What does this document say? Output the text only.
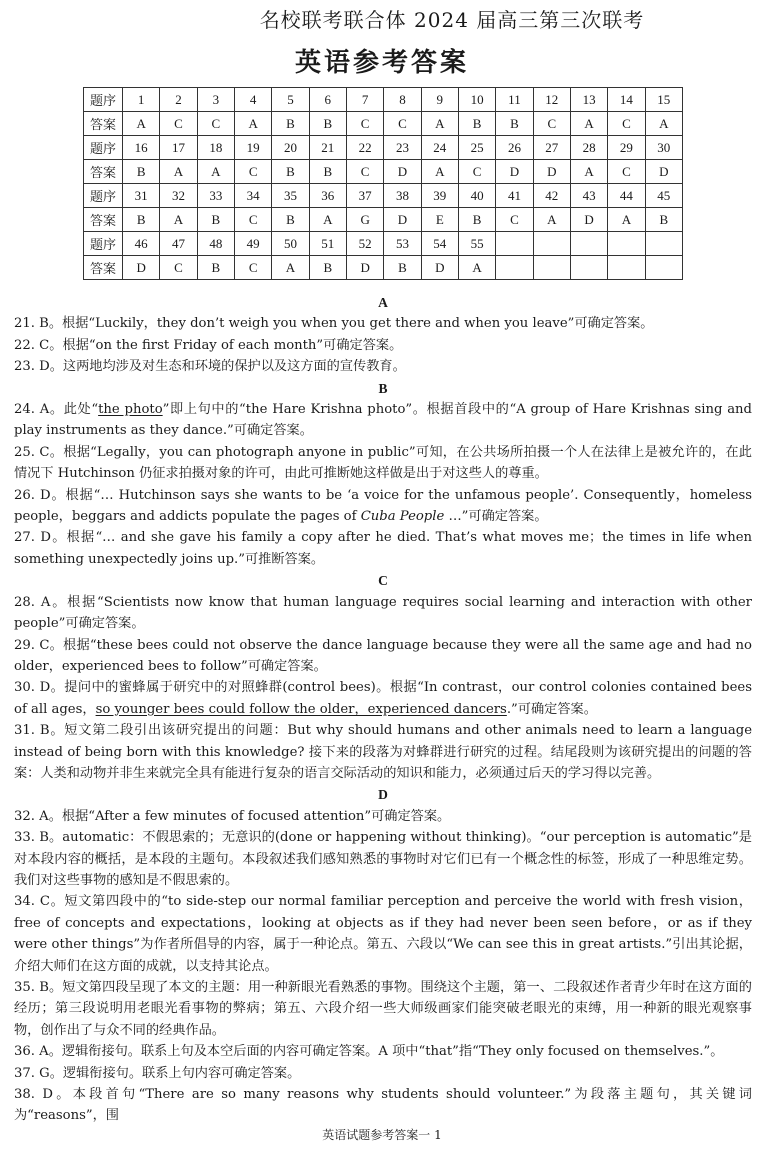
名校联考联合体 2024 届高三第三次联考
英语参考答案
题序	1	2	3	4	5	6	7	8	9	10	11	12	13	14	15
答案	A	C	C	A	B	B	C	C	A	B	B	C	A	C	A
题序	16	17	18	19	20	21	22	23	24	25	26	27	28	29	30
答案	B	A	A	C	B	B	C	D	A	C	D	D	A	C	D
题序	31	32	33	34	35	36	37	38	39	40	41	42	43	44	45
答案	B	A	B	C	B	A	G	D	E	B	C	A	D	A	B
题序	46	47	48	49	50	51	52	53	54	55					
答案	D	C	B	C	A	B	D	B	D	A					
A
21. B。根据“Luckily，they don’t weigh you when you get there and when you leave”可确定答案。
22. C。根据“on the first Friday of each month”可确定答案。
23. D。这两地均涉及对生态和环境的保护以及这方面的宣传教育。
B
24. A。此处“the photo”即上句中的“the Hare Krishna photo”。根据首段中的“A group of Hare Krishnas sing and play instruments as they dance.”可确定答案。
25. C。根据“Legally，you can photograph anyone in public”可知，在公共场所拍摄一个人在法律上是被允许的，在此情况下 Hutchinson 仍征求拍摄对象的许可，由此可推断她这样做是出于对这些人的尊重。
26. D。根据“… Hutchinson says she wants to be ‘a voice for the unfamous people’. Consequently，homeless people，beggars and addicts populate the pages of Cuba People …”可确定答案。
27. D。根据“… and she gave his family a copy after he died. That’s what moves me；the times in life when something unexpectedly joins up.”可推断答案。
C
28. A。根据“Scientists now know that human language requires social learning and interaction with other people”可确定答案。
29. C。根据“these bees could not observe the dance language because they were all the same age and had no older，experienced bees to follow”可确定答案。
30. D。提问中的蜜蜂属于研究中的对照蜂群(control bees)。根据“In contrast，our control colonies contained bees of all ages，so younger bees could follow the older，experienced dancers.”可确定答案。
31. B。短文第二段引出该研究提出的问题：But why should humans and other animals need to learn a language instead of being born with this knowledge? 接下来的段落为对蜂群进行研究的过程。结尾段则为该研究提出的问题的答案：人类和动物并非生来就完全具有能进行复杂的语言交际活动的知识和能力，必须通过后天的学习得以完善。
D
32. A。根据“After a few minutes of focused attention”可确定答案。
33. B。automatic：不假思索的；无意识的(done or happening without thinking)。“our perception is automatic”是对本段内容的概括，是本段的主题句。本段叙述我们感知熟悉的事物时对它们已有一个概念性的标签，形成了一种思维定势。我们对这些事物的感知是不假思索的。
34. C。短文第四段中的“to side-step our normal familiar perception and perceive the world with fresh vision，free of concepts and expectations，looking at objects as if they had never been seen before，or as if they were other things”为作者所倡导的内容，属于一种论点。第五、六段以“We can see this in great artists.”引出其论据，介绍大师们在这方面的成就，以支持其论点。
35. B。短文第四段呈现了本文的主题：用一种新眼光看熟悉的事物。围绕这个主题，第一、二段叙述作者青少年时在这方面的经历；第三段说明用老眼光看事物的弊病；第五、六段介绍一些大师级画家们能突破老眼光的束缚，用一种新的眼光观察事物，创作出了与众不同的经典作品。
36. A。逻辑衔接句。联系上句及本空后面的内容可确定答案。A 项中“that”指“They only focused on themselves.”。
37. G。逻辑衔接句。联系上句内容可确定答案。
38. D。本段首句“There are so many reasons why students should volunteer.”为段落主题句，其关键词为“reasons”，围
英语试题参考答案一 1
